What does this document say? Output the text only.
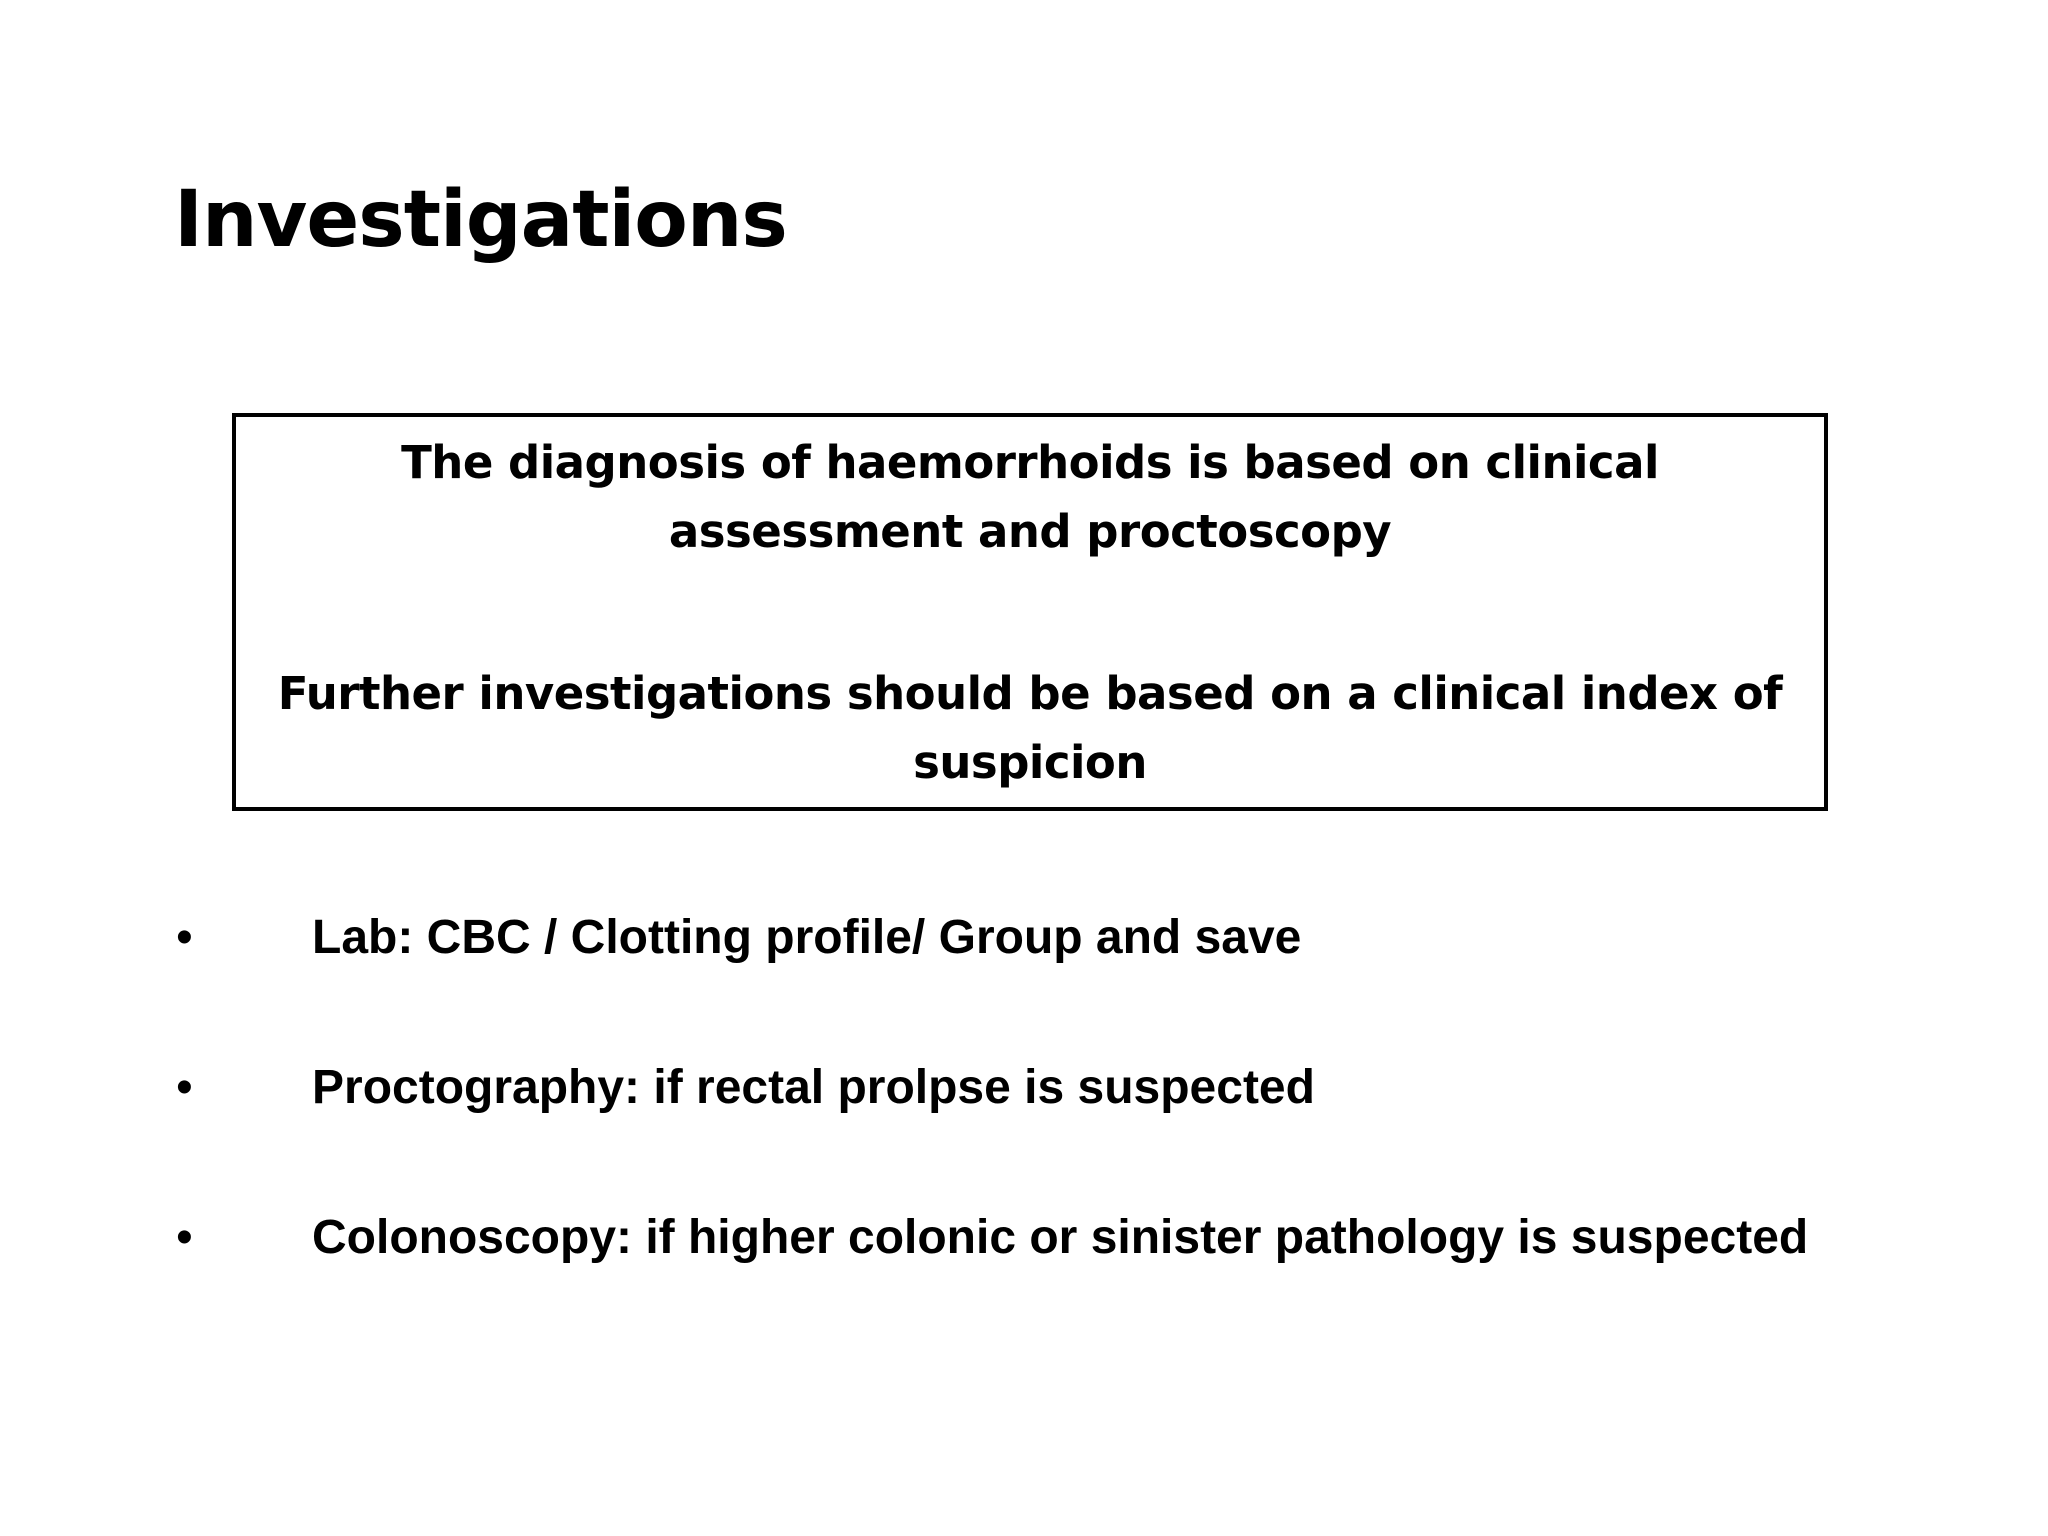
Investigations

The diagnosis of haemorrhoids is based on clinical assessment and proctoscopy

Further investigations should be based on a clinical index of suspicion

• Lab: CBC / Clotting profile/ Group and save
• Proctography: if rectal prolpse is suspected
• Colonoscopy: if higher colonic or sinister pathology is suspected
